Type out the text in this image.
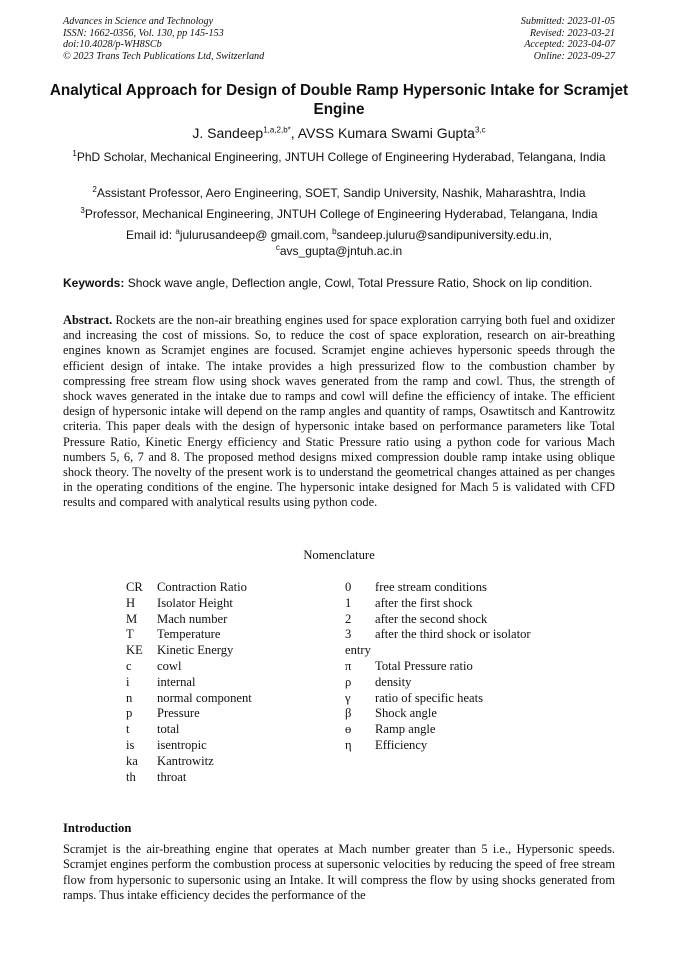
Advances in Science and Technology
ISSN: 1662-0356, Vol. 130, pp 145-153
doi:10.4028/p-WH8SCb
© 2023 Trans Tech Publications Ltd, Switzerland
Submitted: 2023-01-05
Revised: 2023-03-21
Accepted: 2023-04-07
Online: 2023-09-27
Analytical Approach for Design of Double Ramp Hypersonic Intake for Scramjet Engine
J. Sandeep$^{1,a,2,b*}$, AVSS Kumara Swami Gupta$^{3,c}$
$^1$PhD Scholar, Mechanical Engineering, JNTUH College of Engineering Hyderabad, Telangana, India
$^2$Assistant Professor, Aero Engineering, SOET, Sandip University, Nashik, Maharashtra, India
$^3$Professor, Mechanical Engineering, JNTUH College of Engineering Hyderabad, Telangana, India
Email id: $^a$julurusandeep@ gmail.com, $^b$sandeep.juluru@sandipuniversity.edu.in, $^c$avs_gupta@jntuh.ac.in
Keywords: Shock wave angle, Deflection angle, Cowl, Total Pressure Ratio, Shock on lip condition.
Abstract. Rockets are the non-air breathing engines used for space exploration carrying both fuel and oxidizer and increasing the cost of missions. So, to reduce the cost of space exploration, research on air-breathing engines known as Scramjet engines are focused. Scramjet engine achieves hypersonic speeds through the efficient design of intake. The intake provides a high pressurized flow to the combustion chamber by compressing free stream flow using shock waves generated from the ramp and cowl. Thus, the strength of shock waves generated in the intake due to ramps and cowl will define the efficiency of intake. The efficient design of hypersonic intake will depend on the ramp angles and quantity of ramps, Osawtitsch and Kantrowitz criteria. This paper deals with the design of hypersonic intake based on performance parameters like Total Pressure Ratio, Kinetic Energy efficiency and Static Pressure ratio using a python code for various Mach numbers 5, 6, 7 and 8. The proposed method designs mixed compression double ramp intake using oblique shock theory. The novelty of the present work is to understand the geometrical changes attained as per changes in the operating conditions of the engine. The hypersonic intake designed for Mach 5 is validated with CFD results and compared with analytical results using python code.
Nomenclature
CR	Contraction Ratio
H	Isolator Height
M	Mach number
T	Temperature
KE	Kinetic Energy
c	cowl
i	internal
n	normal component
p	Pressure
t	total
is	isentropic
ka	Kantrowitz
th	throat
0	free stream conditions
1	after the first shock
2	after the second shock
3	after the third shock or isolator
entry
π	Total Pressure ratio
ρ	density
γ	ratio of specific heats
β	Shock angle
ɵ	Ramp angle
η	Efficiency
Introduction
Scramjet is the air-breathing engine that operates at Mach number greater than 5 i.e., Hypersonic speeds. Scramjet engines perform the combustion process at supersonic velocities by reducing the speed of free stream flow from hypersonic to supersonic using an Intake. It will compress the flow by using shocks generated from ramps. Thus intake efficiency decides the performance of the
